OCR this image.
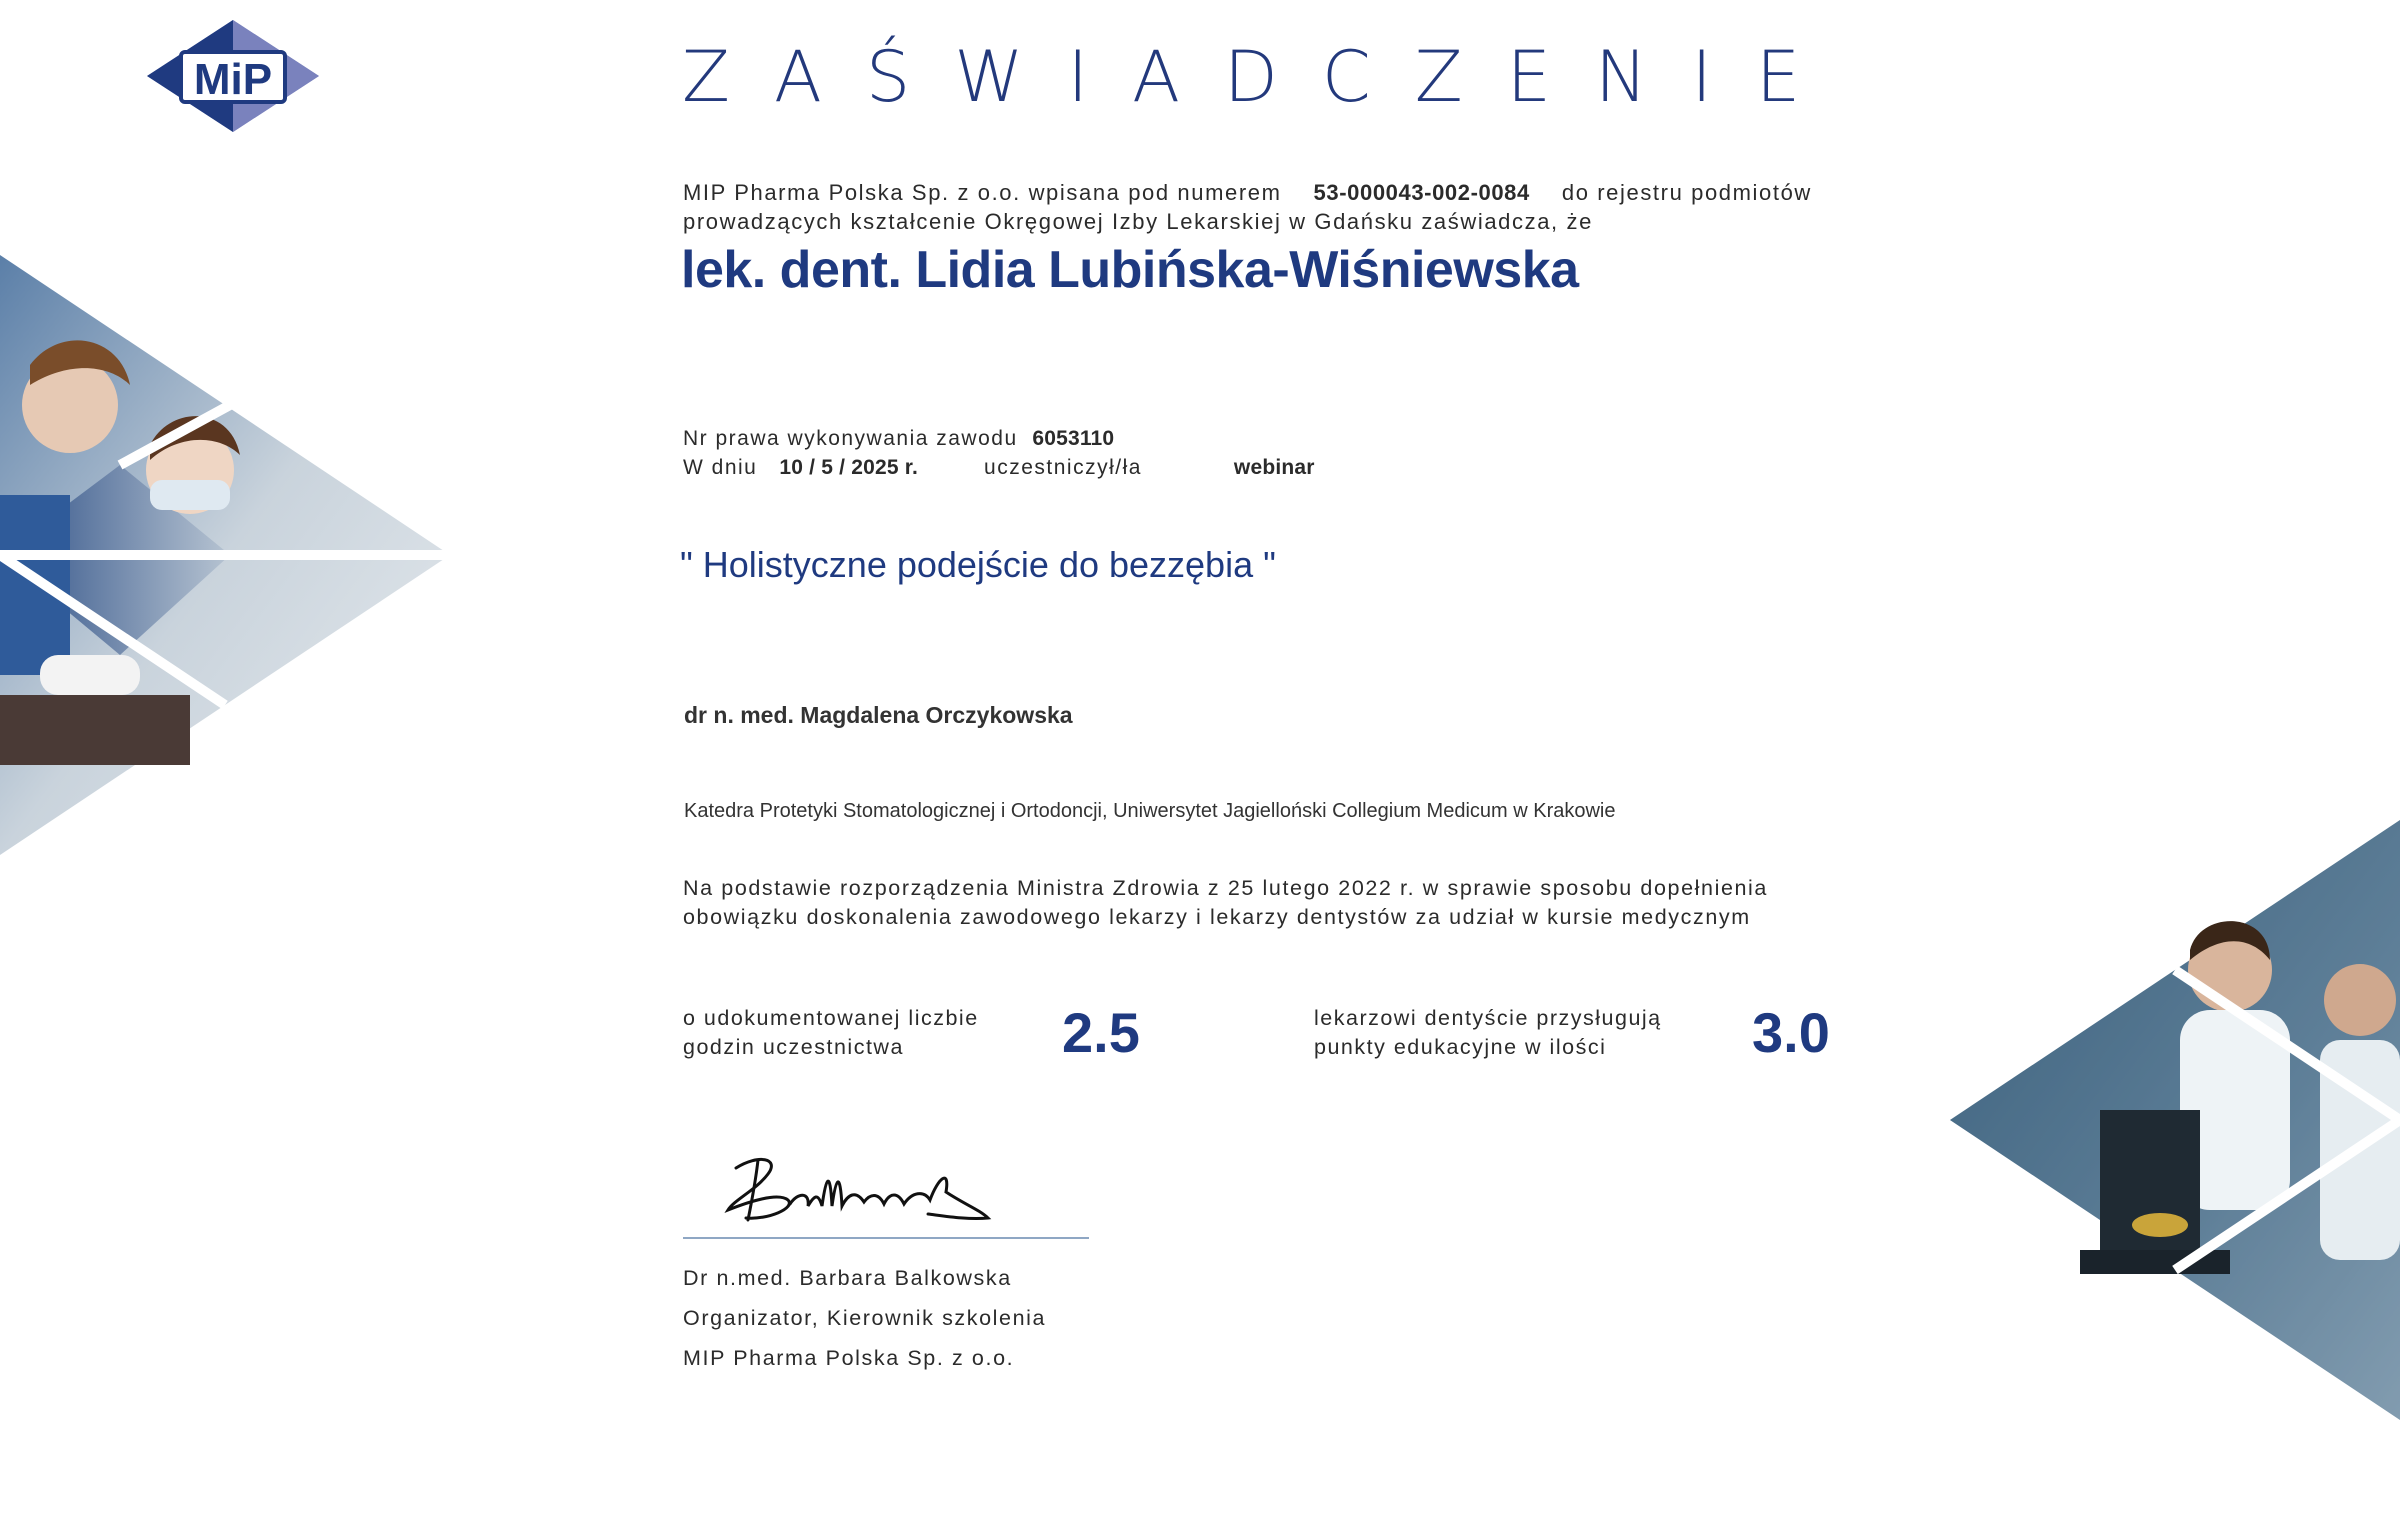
MiP	ZAŚWIADCZENIE
MIP Pharma Polska Sp. z o.o. wpisana pod numerem 53-000043-002-0084 do rejestru podmiotów
prowadzących kształcenie Okręgowej Izby Lekarskiej w Gdańsku zaświadcza, że
lek. dent. Lidia Lubińska-Wiśniewska
Nr prawa wykonywania zawodu 6053110
W dniu 10 / 5 / 2025 r.	uczestniczył/ła	webinar
" Holistyczne podejście do bezzębia "
dr n. med. Magdalena Orczykowska
Katedra Protetyki Stomatologicznej i Ortodoncji, Uniwersytet Jagielloński Collegium Medicum w Krakowie
Na podstawie rozporządzenia Ministra Zdrowia z 25 lutego 2022 r. w sprawie sposobu dopełnienia
obowiązku doskonalenia zawodowego lekarzy i lekarzy dentystów za udział w kursie medycznym
o udokumentowanej liczbie
godzin uczestnictwa	2.5	lekarzowi dentyście przysługują
punkty edukacyjne w ilości	3.0
Dr n.med. Barbara Balkowska
Organizator, Kierownik szkolenia
MIP Pharma Polska Sp. z o.o.
